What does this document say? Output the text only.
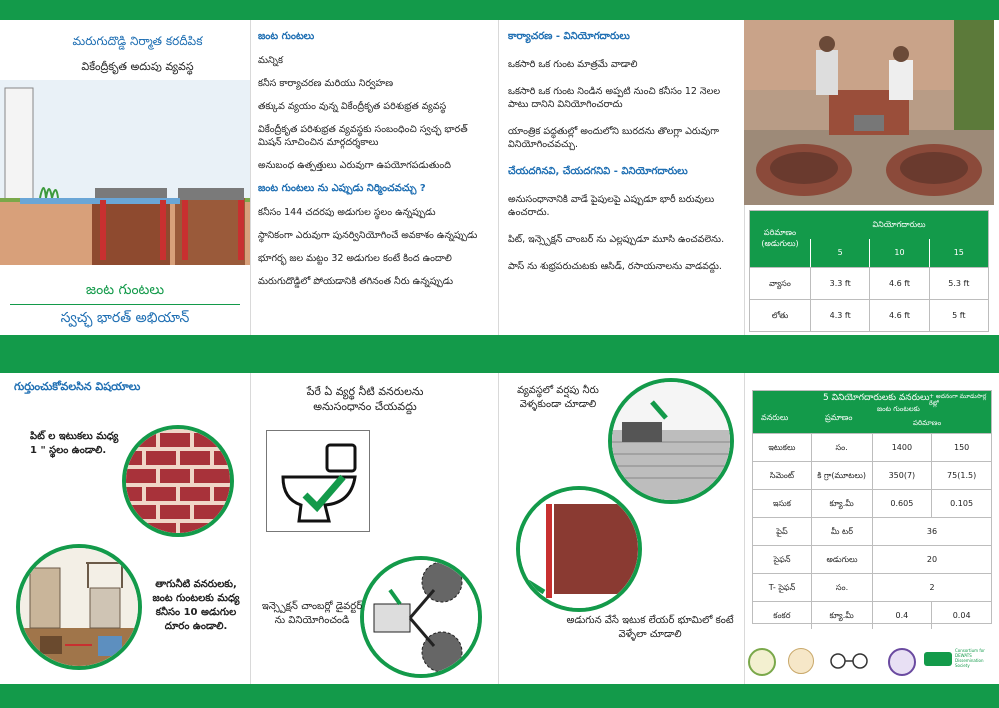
మరుగుదొడ్డి నిర్మాత కరదీపిక
వికేంద్రీకృత అదుపు వ్యవస్థ
జంట గుంటలు
స్వచ్ఛ భారత్ అభియాన్
జంట గుంటలు
మన్నిక
కనీస కార్యాచరణ మరియు నిర్వహణ
తక్కువ వ్యయం వున్న వికేంద్రీకృత పరిశుభ్రత వ్యవస్థ
వికేంద్రీకృత పరిశుభ్రత వ్యవస్థకు సంబంధించి స్వచ్ఛ భారత్ మిషన్ సూచించిన మార్గదర్శకాలు
అనుబంధ ఉత్పత్తులు ఎరువుగా ఉపయోగపడుతుంది
జంట గుంటలు ను ఎప్పుడు నిర్మించవచ్చు ?
కనీసం 144 చదరపు అడుగుల స్థలం ఉన్నప్పుడు
స్థానికంగా ఎరువుగా పునర్వినియోగించే అవకాశం ఉన్నప్పుడు
భూగర్భ జల మట్టం 32 అడుగుల కంటే కింద ఉందాలి
మరుగుదొడ్డిలో పోయడానికి తగినంత నీరు ఉన్నప్పుడు
కార్యాచరణ - వినియోగదారులు
ఒకసారి ఒక గుంట మాత్రమే వాడాలి
ఒకసారి ఒక గుంట నిండిన అప్పటి నుంచి కనీసం 12 నెలల పాటు దానిని వినియోగించరాదు
యాంత్రిక పద్ధతుల్లో అందులోని బురదను తొలగ్లా ఎరువుగా వినియోగించవచ్చు.
చేయదగినవి, చేయదగనివి - వినియోగదారులు
అనుసంధానానికి వాడే పైపులపై ఎప్పుడూ భారీ బరువులు ఉంచరాదు.
పిట్, ఇన్స్పెక్షన్ చాంబర్ ను ఎల్లప్పుడూ మూసి ఉంచవలెను.
పాస్ ను శుభ్రపరుచుటకు ఆసిడ్, రసాయనాలను వాడవద్దు.
పరిమాణం (అడుగులు)
వినియోగదారులు
5	10	15
వ్యాసం	3.3 ft	4.6 ft	5.3 ft
లోతు	4.3 ft	4.6 ft	5 ft
గుర్తుంచుకోవలసిన విషయాలు
పిట్ ల ఇటుకలు మధ్య 1 " స్థలం ఉండాలి.
తాగునీటి వనరులకు, జంట గుంటలకు మధ్య కనీసం 10 అడుగుల దూరం ఉండాలి.
పేరే ఏ వ్యర్థ నీటి వనరులను అనుసంధానం చేయవద్దు
ఇన్స్పెక్షన్ చాంబర్లో డైవర్టర్ ను వినియోగించండి
వ్యవస్థలో వర్షపు నీరు వెళ్ళకుండా చూడాలి
అడుగున వేసే ఇటుక లేయర్ భూమిలో కంటే వెళ్ళేలా చూడాలి
5 వినియోగదారులకు వనరులు + అదనంగా మూడుసార్ల రేట్లో
వనరులు	ప్రమాణం
జంట గుంటలకు
పరిమాణం
ఇటుకలు	సం.	1400	150
సిమెంట్	కి గ్రా(మూటలు)	350(7)	75(1.5)
ఇసుక	క్యూ.మీ	0.605	0.105
పైప్	మీ టర్	36
సైఫన్	అడుగులు	20
T- సైఫన్	సం.	2
కంకర	క్యూ.మీ	0.4	0.04
Consortium for DEWATS Dissemination Society
